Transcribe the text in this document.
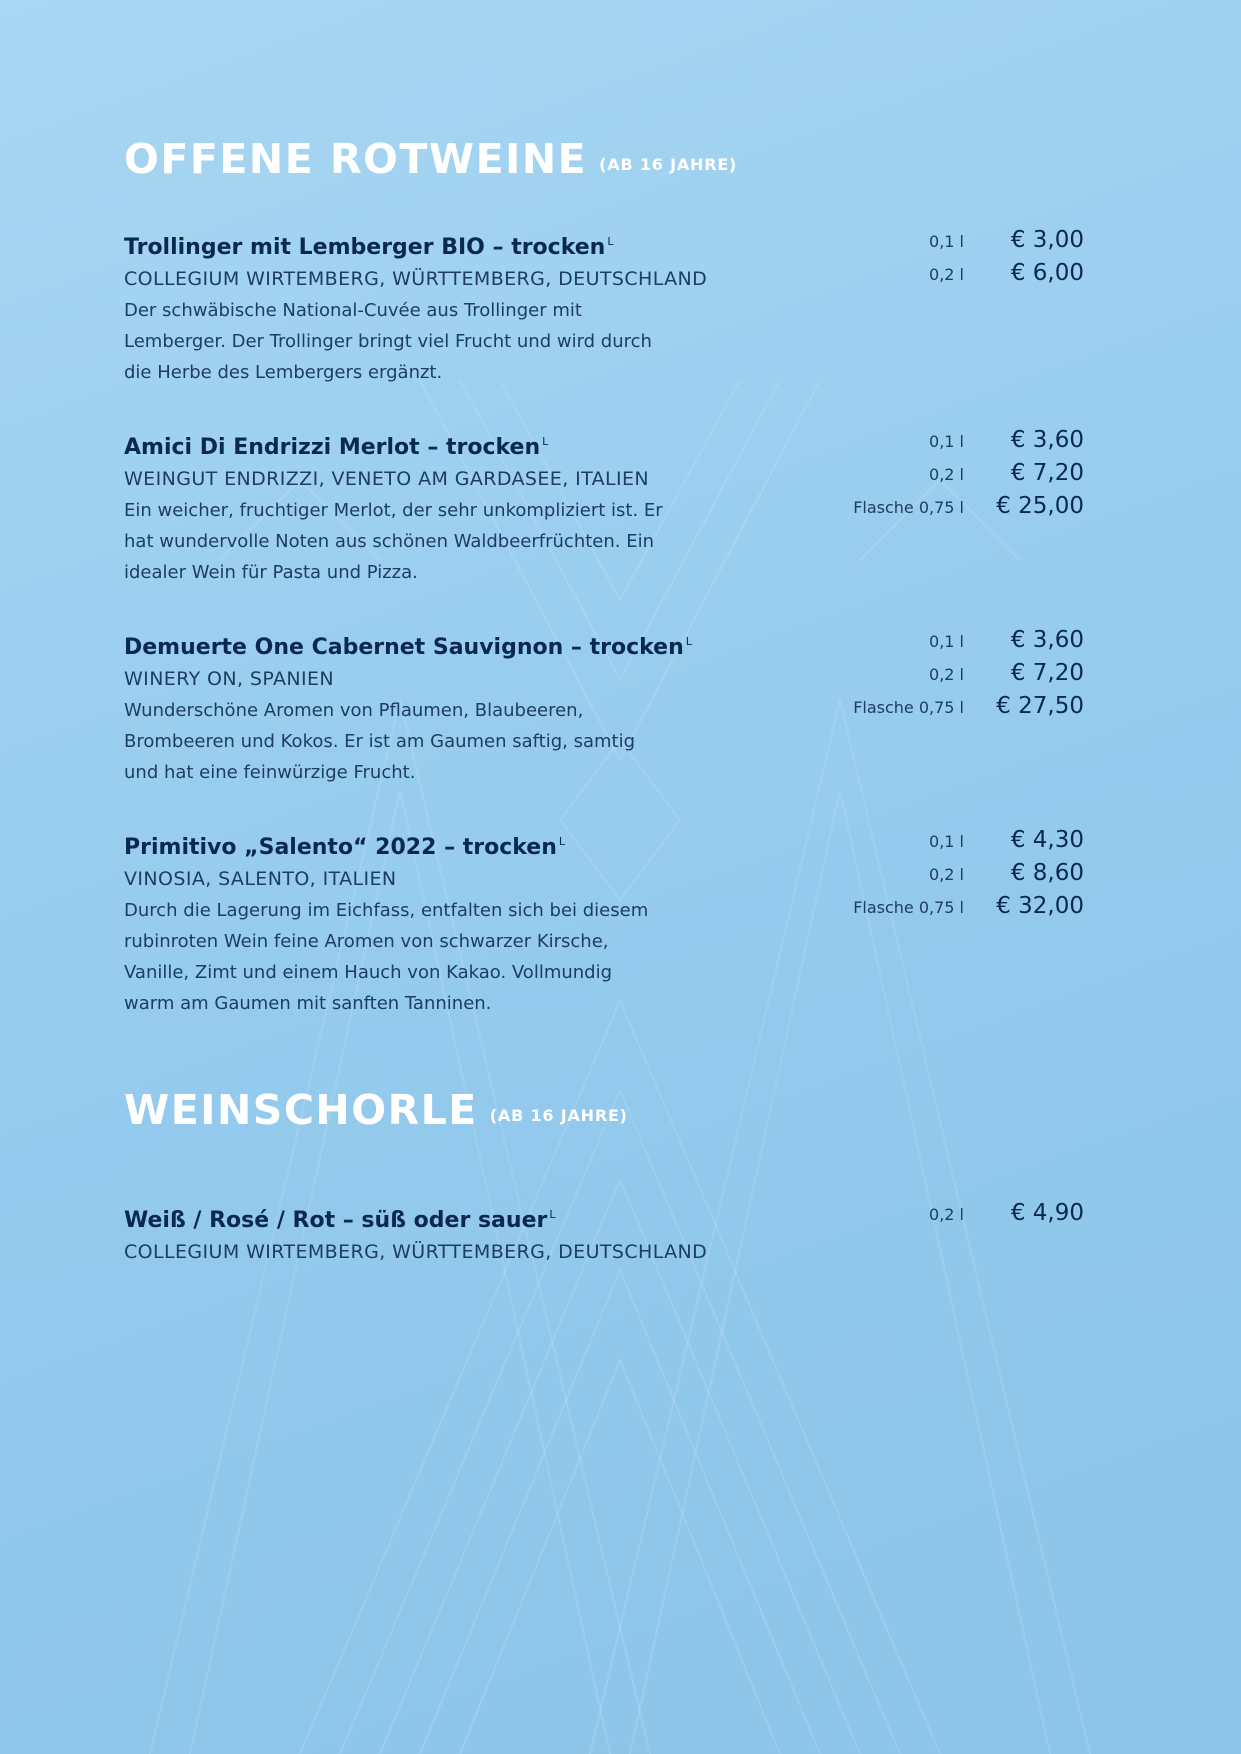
OFFENE ROTWEINE (AB 16 JAHRE)
Trollinger mit Lemberger BIO – trocken $^L$
COLLEGIUM WIRTEMBERG, WÜRTTEMBERG, DEUTSCHLAND
Der schwäbische National-Cuvée aus Trollinger mit Lemberger. Der Trollinger bringt viel Frucht und wird durch die Herbe des Lembergers ergänzt.
0,1 l	€ 3,00
0,2 l	€ 6,00
Amici Di Endrizzi Merlot – trocken $^L$
WEINGUT ENDRIZZI, VENETO AM GARDASEE, ITALIEN
Ein weicher, fruchtiger Merlot, der sehr unkompliziert ist. Er hat wundervolle Noten aus schönen Waldbeerfrüchten. Ein idealer Wein für Pasta und Pizza.
0,1 l	€ 3,60
0,2 l	€ 7,20
Flasche 0,75 l	€ 25,00
Demuerte One Cabernet Sauvignon – trocken $^L$
WINERY ON, SPANIEN
Wunderschöne Aromen von Pflaumen, Blaubeeren, Brombeeren und Kokos. Er ist am Gaumen saftig, samtig und hat eine feinwürzige Frucht.
0,1 l	€ 3,60
0,2 l	€ 7,20
Flasche 0,75 l	€ 27,50
Primitivo „Salento“ 2022 – trocken $^L$
VINOSIA, SALENTO, ITALIEN
Durch die Lagerung im Eichfass, entfalten sich bei diesem rubinroten Wein feine Aromen von schwarzer Kirsche, Vanille, Zimt und einem Hauch von Kakao. Vollmundig warm am Gaumen mit sanften Tanninen.
0,1 l	€ 4,30
0,2 l	€ 8,60
Flasche 0,75 l	€ 32,00
WEINSCHORLE (AB 16 JAHRE)
Weiß / Rosé / Rot – süß oder sauer $^L$
COLLEGIUM WIRTEMBERG, WÜRTTEMBERG, DEUTSCHLAND
0,2 l	€ 4,90
